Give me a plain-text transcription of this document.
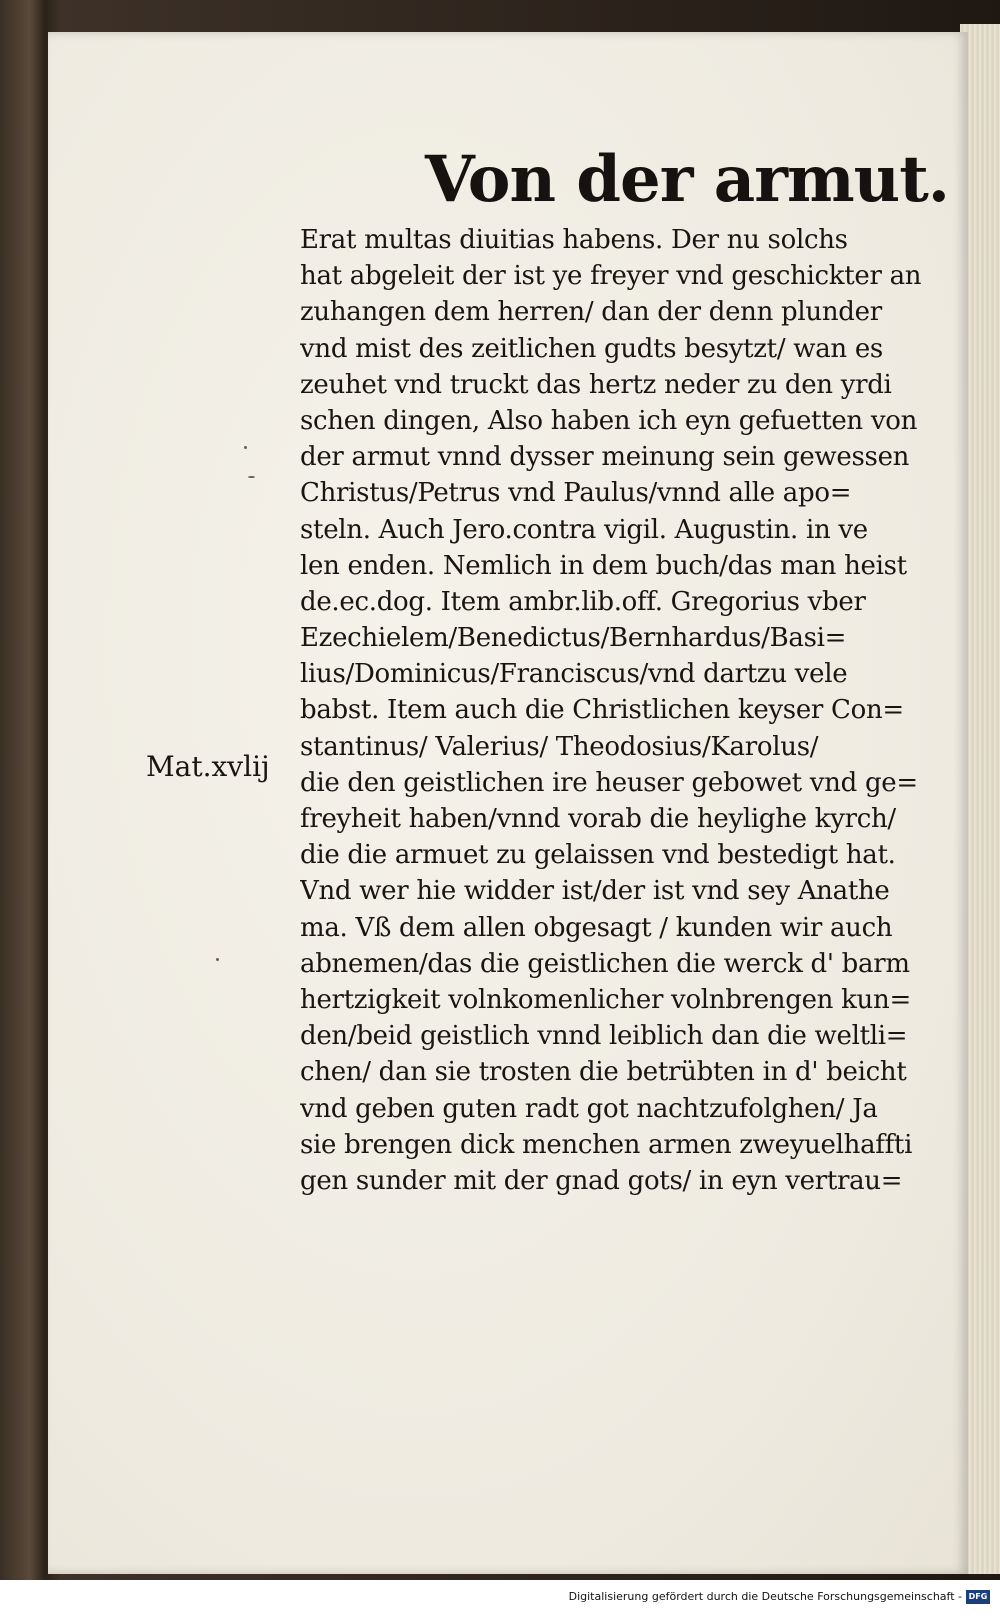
Von der armut.
Mat.xvlij
Erat multas diuitias habens. Der nu solchs
hat abgeleit der ist ye freyer vnd geschickter an
zuhangen dem herren/ dan der denn plunder
vnd mist des zeitlichen gudts besytzt/ wan es
zeuhet vnd truckt das hertz neder zu den yrdi
schen dingen, Also haben ich eyn gefuetten von
der armut vnnd dysser meinung sein gewessen
Christus/Petrus vnd Paulus/vnnd alle apo=
steln. Auch Jero.contra vigil. Augustin. in ve
len enden. Nemlich in dem buch/das man heist
de.ec.dog. Item ambr.lib.off. Gregorius vber
Ezechielem/Benedictus/Bernhardus/Basi=
lius/Dominicus/Franciscus/vnd dartzu vele
babst. Item auch die Christlichen keyser Con=
stantinus/ Valerius/ Theodosius/Karolus/
die den geistlichen ire heuser gebowet vnd ge=
freyheit haben/vnnd vorab die heylighe kyrch/
die die armuet zu gelaissen vnd bestedigt hat.
Vnd wer hie widder ist/der ist vnd sey Anathe
ma. Vß dem allen obgesagt / kunden wir auch
abnemen/das die geistlichen die werck d' barm
hertzigkeit volnkomenlicher volnbrengen kun=
den/beid geistlich vnnd leiblich dan die weltli=
chen/ dan sie trosten die betrübten in d' beicht
vnd geben guten radt got nachtzufolghen/ Ja
sie brengen dick menchen armen zweyuelhaffti
gen sunder mit der gnad gots/ in eyn vertrau=
Digitalisierung gefördert durch die Deutsche Forschungsgemeinschaft - DFG
